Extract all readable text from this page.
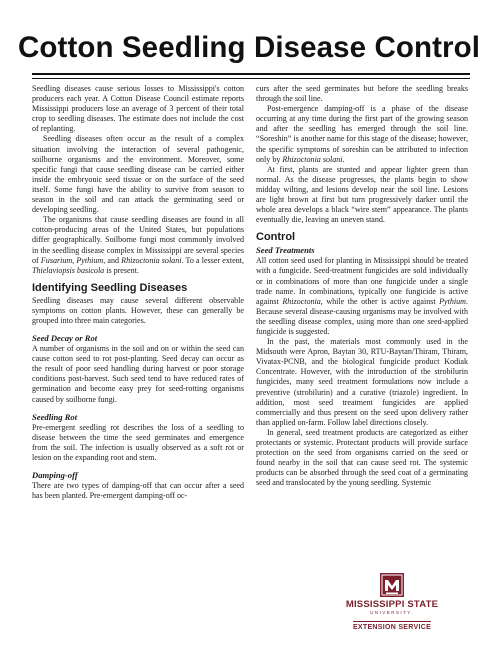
Cotton Seedling Disease Control

Seedling diseases cause serious losses to Mississippi's cotton producers each year. A Cotton Disease Council estimate reports Mississippi producers lose an average of 3 percent of their total crop to seedling diseases. The estimate does not include the cost of replanting.

Seedling diseases often occur as the result of a complex situation involving the interaction of several pathogenic, soilborne organisms and the environment. Moreover, some specific fungi that cause seedling disease can be carried either inside the embryonic seed tissue or on the surface of the seed itself. Some fungi have the ability to survive from season to season in the soil and can attack the germinating seed or developing seedling.

The organisms that cause seedling diseases are found in all cotton-producing areas of the United States, but populations differ geographically. Soilborne fungi most commonly involved in the seedling disease complex in Mississippi are several species of Fusarium, Pythium, and Rhizoctonia solani. To a lesser extent, Thielaviopsis basicola is present.

Identifying Seedling Diseases

Seedling diseases may cause several different observable symptoms on cotton plants. However, these can generally be grouped into three main categories.

Seed Decay or Rot

A number of organisms in the soil and on or within the seed can cause cotton seed to rot post-planting. Seed decay can occur as the result of poor seed handling during harvest or poor storage conditions post-harvest. Such seed tend to have reduced rates of germination and become easy prey for seed-rotting organisms caused by soilborne fungi.

Seedling Rot

Pre-emergent seedling rot describes the loss of a seedling to disease between the time the seed germinates and emergence from the soil. The infection is usually observed as a soft rot or lesion on the expanding root and stem.

Damping-off

There are two types of damping-off that can occur after a seed has been planted. Pre-emergent damping-off oc-

curs after the seed germinates but before the seedling breaks through the soil line.

Post-emergence damping-off is a phase of the disease occurring at any time during the first part of the growing season and after the seedling has emerged through the soil line. “Soreshin” is another name for this stage of the disease; however, the specific symptoms of soreshin can be attributed to infection only by Rhizoctonia solani.

At first, plants are stunted and appear lighter green than normal. As the disease progresses, the plants begin to show midday wilting, and lesions develop near the soil line. Lesions are light brown at first but turn progressively darker until the whole area develops a black “wire stem” appearance. The plants eventually die, leaving an uneven stand.

Control
Seed Treatments

All cotton seed used for planting in Mississippi should be treated with a fungicide. Seed-treatment fungicides are sold individually or in combinations of more than one fungicide under a single trade name. In combinations, typically one fungicide is active against Rhizoctonia, while the other is active against Pythium. Because several disease-causing organisms may be involved with the seedling disease complex, using more than one seed-applied fungicide is suggested.

In the past, the materials most commonly used in the Midsouth were Apron, Baytan 30, RTU-Baytan/Thiram, Thiram, Vivatax-PCNB, and the biological fungicide product Kodiak Concentrate. However, with the introduction of the strobilurin fungicides, many seed treatment formulations now include a preventive (strobilurin) and a curative (triazole) ingredient. In addition, most seed treatment fungicides are applied commercially and thus present on the seed upon delivery rather than applied on-farm. Follow label directions closely.

In general, seed treatment products are categorized as either protectants or systemic. Protectant products will provide surface protection on the seed from organisms carried on the seed or found nearby in the soil that can cause seed rot. The systemic products can be absorbed through the seed coat of a germinating seed and translocated by the young seedling. Systemic

MISSISSIPPI STATE
UNIVERSITY.
EXTENSION SERVICE
